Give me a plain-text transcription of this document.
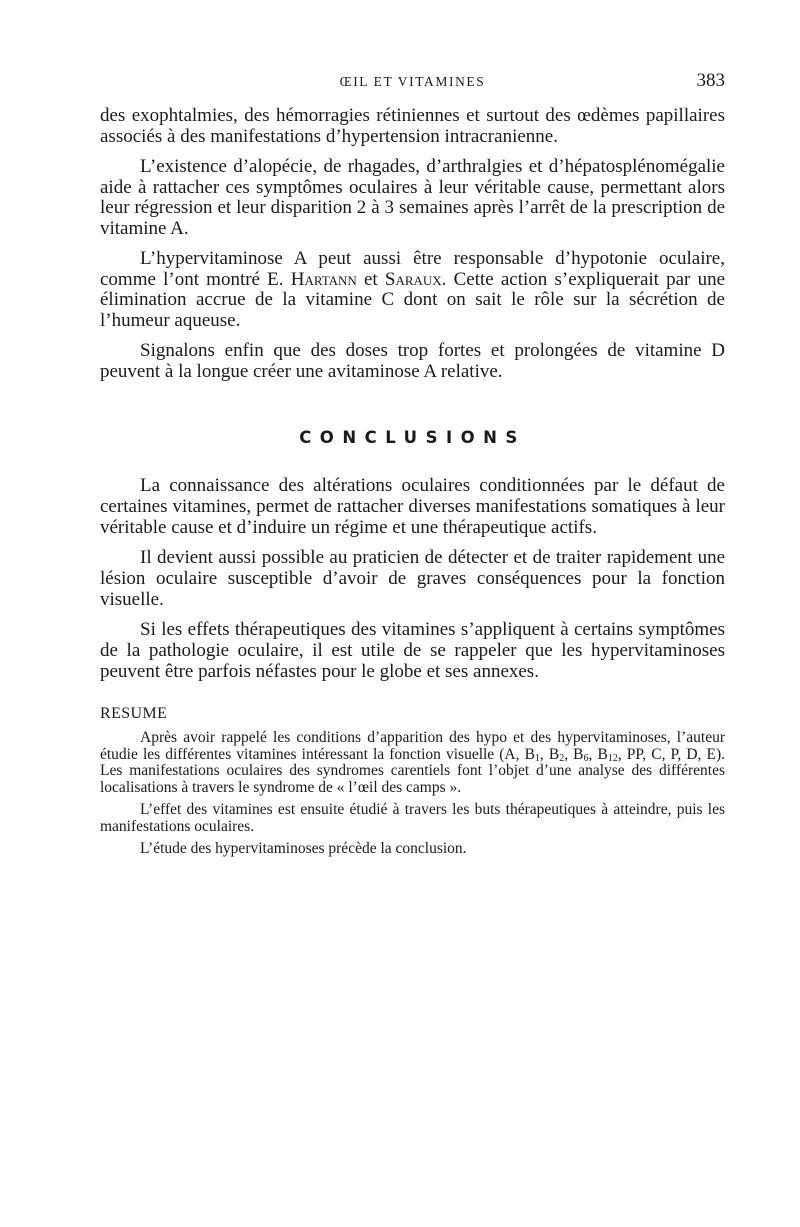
ŒIL ET VITAMINES	383

des exophtalmies, des hémorragies rétiniennes et surtout des œdèmes papillaires associés à des manifestations d’hypertension intracranienne.

L’existence d’alopécie, de rhagades, d’arthralgies et d’hépatosplénomégalie aide à rattacher ces symptômes oculaires à leur véritable cause, permettant alors leur régression et leur disparition 2 à 3 semaines après l’arrêt de la prescription de vitamine A.

L’hypervitaminose A peut aussi être responsable d’hypotonie oculaire, comme l’ont montré E. Hartann et Saraux. Cette action s’expliquerait par une élimination accrue de la vitamine C dont on sait le rôle sur la sécrétion de l’humeur aqueuse.

Signalons enfin que des doses trop fortes et prolongées de vitamine D peuvent à la longue créer une avitaminose A relative.

CONCLUSIONS

La connaissance des altérations oculaires conditionnées par le défaut de certaines vitamines, permet de rattacher diverses manifestations somatiques à leur véritable cause et d’induire un régime et une thérapeutique actifs.

Il devient aussi possible au praticien de détecter et de traiter rapidement une lésion oculaire susceptible d’avoir de graves conséquences pour la fonction visuelle.

Si les effets thérapeutiques des vitamines s’appliquent à certains symptômes de la pathologie oculaire, il est utile de se rappeler que les hypervitaminoses peuvent être parfois néfastes pour le globe et ses annexes.

RESUME

Après avoir rappelé les conditions d’apparition des hypo et des hypervitaminoses, l’auteur étudie les différentes vitamines intéressant la fonction visuelle (A, $B_1$, $B_2$, $B_6$, $B_{12}$, PP, C, P, D, E). Les manifestations oculaires des syndromes carentiels font l’objet d’une analyse des différentes localisations à travers le syndrome de « l’œil des camps ».

L’effet des vitamines est ensuite étudié à travers les buts thérapeutiques à atteindre, puis les manifestations oculaires.

L’étude des hypervitaminoses précède la conclusion.
